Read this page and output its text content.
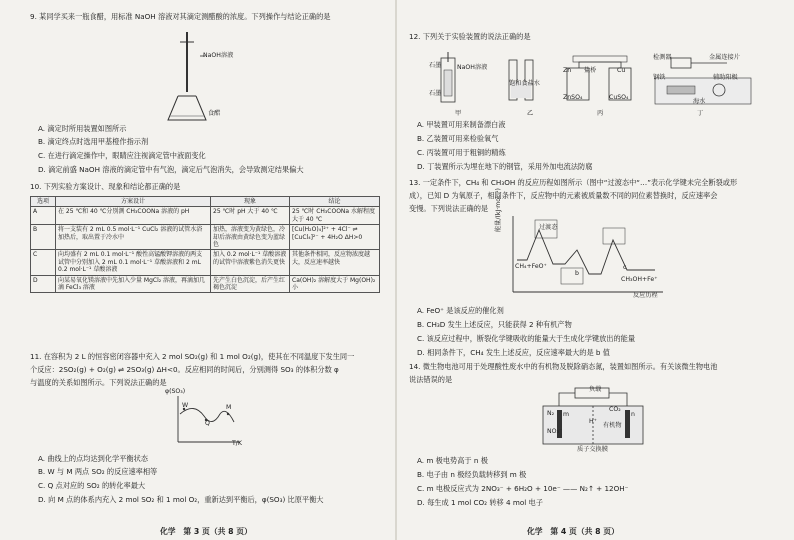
9. 某同学买来一瓶食醋，用标准 NaOH 溶液对其滴定测醋酸的浓度。下列操作与结论正确的是
NaOH溶液
食醋
A. 滴定时所用装置如图所示
B. 滴定终点时选用甲基橙作指示剂
C. 在进行滴定操作中，眼睛应注视滴定管中液面变化
D. 滴定前盛 NaOH 溶液的滴定管中有气泡，滴定后气泡消失，会导致测定结果偏大
10. 下列实验方案设计、现象和结论都正确的是
选项	方案设计	现象	结论
A	在 25 ℃和 40 ℃分别测 CH₃COONa 溶液的 pH	25 ℃时 pH 大于 40 ℃	25 ℃时 CH₃COONa 水解程度大于 40 ℃
B	将一支装有 2 mL 0.5 mol·L⁻¹ CuCl₂ 溶液的试管水浴加热后，取出置于冷水中	加热，溶液变为黄绿色，冷却后溶液由黄绿色变为蓝绿色	[Cu(H₂O)₄]²⁺ + 4Cl⁻ ⇌ [CuCl₄]²⁻ + 4H₂O ΔH>0
C	向均盛有 2 mL 0.1 mol·L⁻¹ 酸性高锰酸钾溶液的两支试管中分别加入 2 mL 0.1 mol·L⁻¹ 草酸溶液和 2 mL 0.2 mol·L⁻¹ 草酸溶液	加入 0.2 mol·L⁻¹ 草酸溶液的试管中溶液紫色消失更快	其他条件相同，反应物浓度越大，反应速率越快
D	向某易氧化镁溶液中先加入少量 MgCl₂ 溶液，再滴加几滴 FeCl₃ 溶液	先产生白色沉淀，后产生红褐色沉淀	Ca(OH)₂ 溶解度大于 Mg(OH)₂ 小
11. 在容积为 2 L 的恒容密闭容器中充入 2 mol SO₂(g) 和 1 mol O₂(g)，使其在不同温度下发生同一
个反应：2SO₂(g) + O₂(g) ⇌ 2SO₃(g) ΔH<0。反应相同的时间后，分别测得 SO₃ 的体积分数 φ
与温度的关系如图所示。下列说法正确的是
φ(SO₃)
T/K
W	M
Q
A. 曲线上的点均达到化学平衡状态
B. W 与 M 两点 SO₂ 的反应速率相等
C. Q 点对应的 SO₂ 的转化率最大
D. 向 M 点的体系内充入 2 mol SO₂ 和 1 mol O₂，重新达到平衡后，φ(SO₃) 比原平衡大
化学　第 3 页（共 8 页）
12. 下列关于实验装置的说法正确的是
NaOH溶液
石墨
石墨
饱和食盐水
Zn 盐桥	Cu
ZnSO₄	CuSO₄
检测器	金属连接片
钢铁	辅助阳极
海水
甲	乙	丙	丁
A. 甲装置可用来制备漂白液
B. 乙装置可用来检验氧气
C. 丙装置可用于粗铜的精炼
D. 丁装置所示为埋在地下的钢管，采用外加电流法防腐
13. 一定条件下，CH₄ 和 CH₃OH 的反应历程如图所示（图中“过渡态中“…”表示化学键未完全断裂或形
成），已知 D 为氧原子，相同条件下，反应物中的元素被质量数不同的同位素替换时，反应速率会
变慢。下列说法正确的是 能量/(kJ·mol⁻¹)
反应历程
CH₄+FeO⁺
过渡态
b
c
CH₃OH+Fe⁺
A. FeO⁺ 是该反应的催化剂
B. CH₃D 发生上述反应，只能获得 2 种有机产物
C. 该反应过程中，断裂化学键吸收的能量大于生成化学键放出的能量
D. 相同条件下，CH₄ 发生上述反应，反应速率最大的是 b 值
14. 微生物电池可用于处理酸性废水中的有机物及脱除硝态氮，装置如图所示。有关该微生物电池
说法错误的是
负载
m	n
N₂
NO₃⁻
CO₂
有机物
H⁺
质子交换膜
A. m 极电势高于 n 极
B. 电子由 n 极经负载转移到 m 极
C. m 电极反应式为 2NO₃⁻ + 6H₂O + 10e⁻ —— N₂↑ + 12OH⁻
D. 每生成 1 mol CO₂ 转移 4 mol 电子
化学　第 4 页（共 8 页）
